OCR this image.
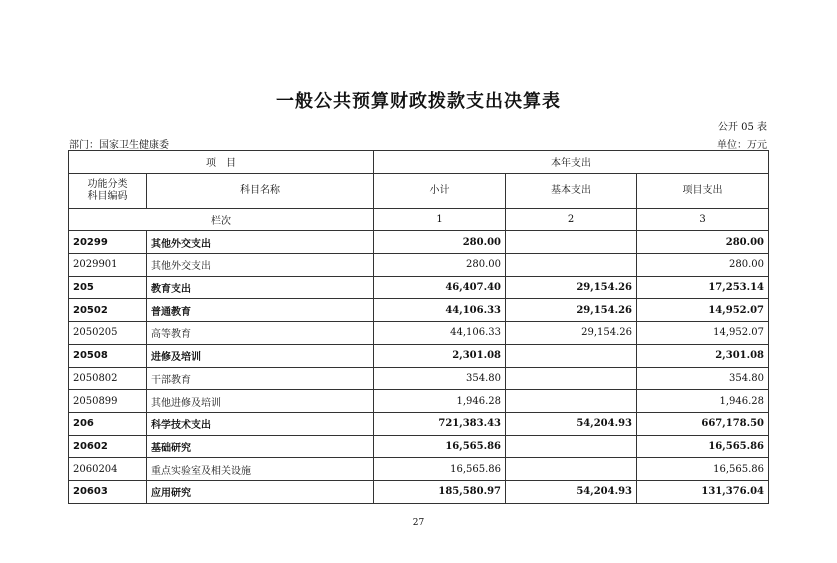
一般公共预算财政拨款支出决算表
公开 05 表
部门：国家卫生健康委	单位：万元
项　目		本年支出		

功能分类
科目编码	科目名称	小计	基本支出	项目支出
栏次		1	2	3
20299	其他外交支出	280.00		280.00
2029901	其他外交支出	280.00		280.00
205	教育支出	46,407.40	29,154.26	17,253.14
20502	普通教育	44,106.33	29,154.26	14,952.07
2050205	高等教育	44,106.33	29,154.26	14,952.07
20508	进修及培训	2,301.08		2,301.08
2050802	干部教育	354.80		354.80
2050899	其他进修及培训	1,946.28		1,946.28
206	科学技术支出	721,383.43	54,204.93	667,178.50
20602	基础研究	16,565.86		16,565.86
2060204	重点实验室及相关设施	16,565.86		16,565.86
20603	应用研究	185,580.97	54,204.93	131,376.04
27
